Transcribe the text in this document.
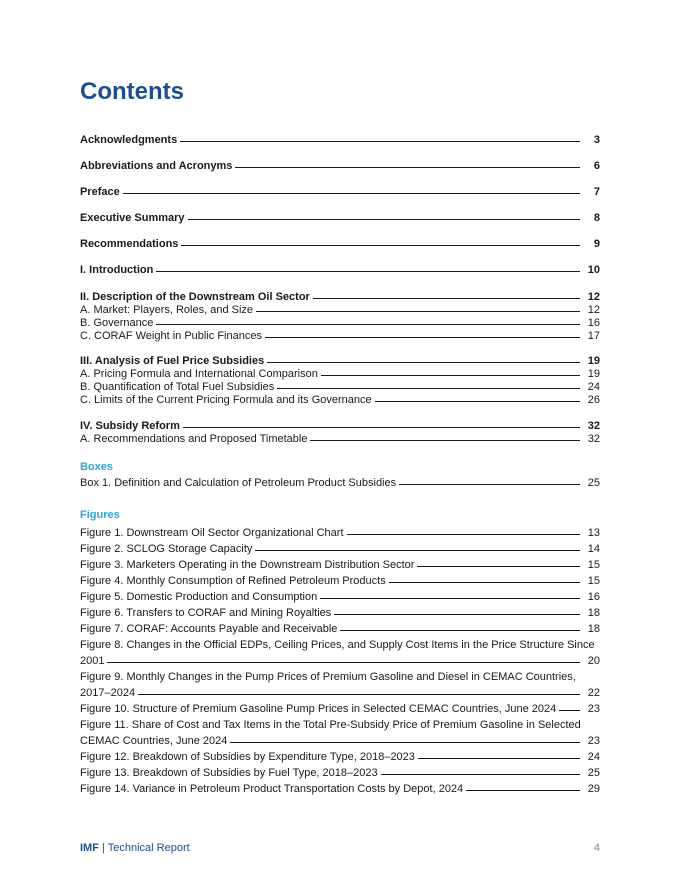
Contents
Acknowledgments	3
Abbreviations and Acronyms	6
Preface	7
Executive Summary	8
Recommendations	9
I. Introduction	10
II. Description of the Downstream Oil Sector	12
A. Market: Players, Roles, and Size	12
B. Governance	16
C. CORAF Weight in Public Finances	17
III. Analysis of Fuel Price Subsidies	19
A. Pricing Formula and International Comparison	19
B. Quantification of Total Fuel Subsidies	24
C. Limits of the Current Pricing Formula and its Governance	26
IV. Subsidy Reform	32
A. Recommendations and Proposed Timetable	32
Boxes
Box 1. Definition and Calculation of Petroleum Product Subsidies	25
Figures
Figure 1. Downstream Oil Sector Organizational Chart	13
Figure 2. SCLOG Storage Capacity	14
Figure 3. Marketers Operating in the Downstream Distribution Sector	15
Figure 4. Monthly Consumption of Refined Petroleum Products	15
Figure 5. Domestic Production and Consumption	16
Figure 6. Transfers to CORAF and Mining Royalties	18
Figure 7. CORAF: Accounts Payable and Receivable	18
Figure 8. Changes in the Official EDPs, Ceiling Prices, and Supply Cost Items in the Price Structure Since
2001	20
Figure 9. Monthly Changes in the Pump Prices of Premium Gasoline and Diesel in CEMAC Countries,
2017–2024	22
Figure 10. Structure of Premium Gasoline Pump Prices in Selected CEMAC Countries, June 2024	23
Figure 11. Share of Cost and Tax Items in the Total Pre-Subsidy Price of Premium Gasoline in Selected
CEMAC Countries, June 2024	23
Figure 12. Breakdown of Subsidies by Expenditure Type, 2018–2023	24
Figure 13. Breakdown of Subsidies by Fuel Type, 2018–2023	25
Figure 14. Variance in Petroleum Product Transportation Costs by Depot, 2024	29
IMF | Technical Report	4
